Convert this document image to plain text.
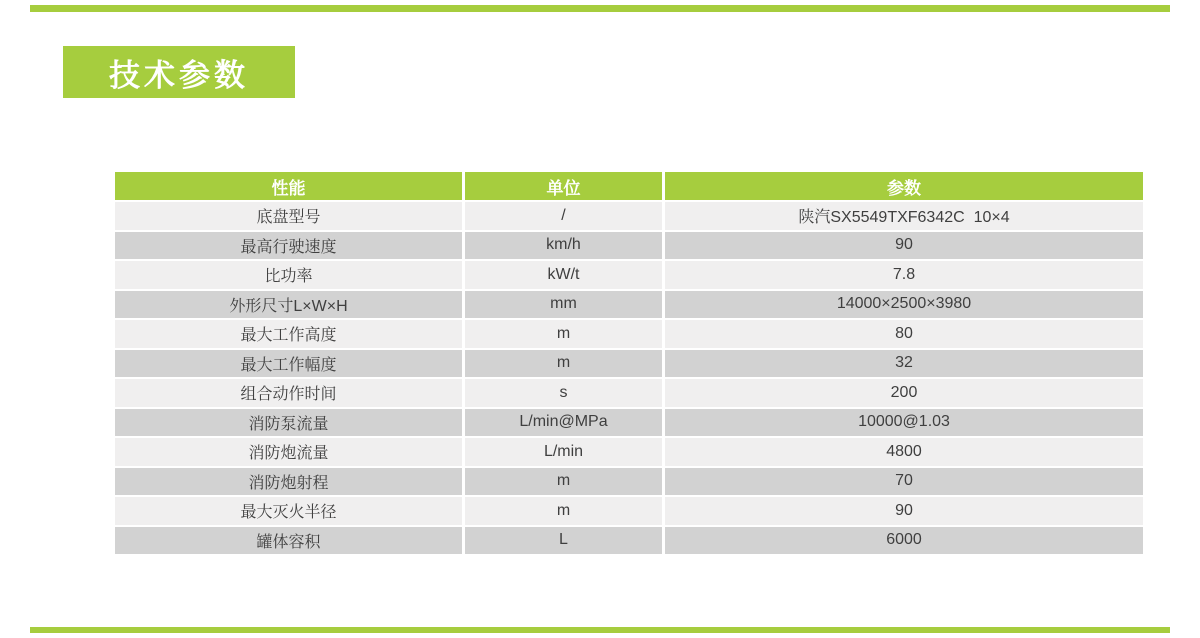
技术参数
性能	单位	参数
底盘型号	/	陕汽SX5549TXF6342C  10×4
最高行驶速度	km/h	90
比功率	kW/t	7.8
外形尺寸L×W×H	mm	14000×2500×3980
最大工作高度	m	80
最大工作幅度	m	32
组合动作时间	s	200
消防泵流量	L/min@MPa	10000@1.03
消防炮流量	L/min	4800
消防炮射程	m	70
最大灭火半径	m	90
罐体容积	L	6000
